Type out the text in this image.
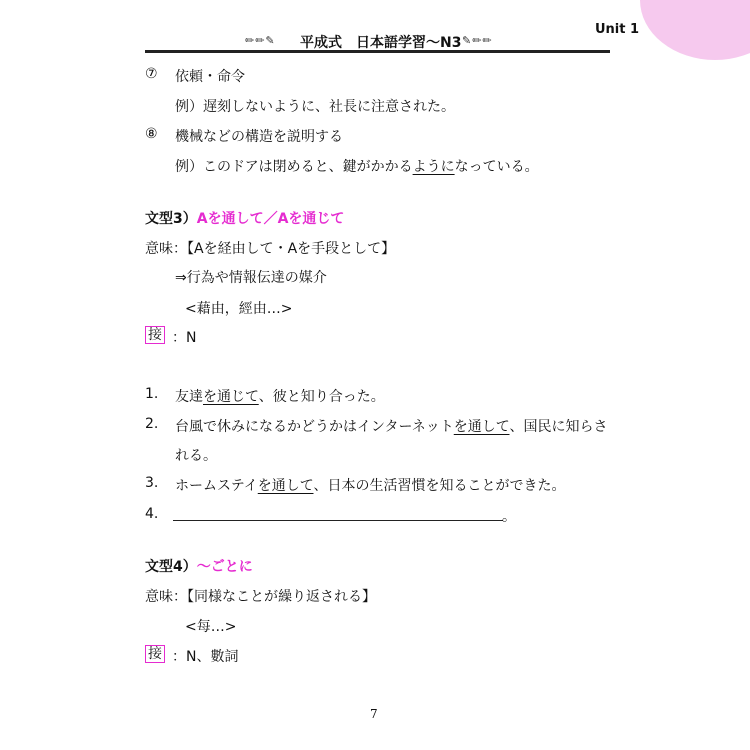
Unit 1
✏✏✎ 平成式　日本語学習〜N3 ✎✏✏
⑦ 依頼・命令
例）遅刻しないように、社長に注意された。
⑧ 機械などの構造を説明する
例）このドアは閉めると、鍵がかかるようになっている。
文型3）Aを通して／Aを通じて
意味：【Aを経由して・Aを手段として】
⇒行為や情報伝達の媒介
<藉由，經由…>
接 ：N
1. 友達を通じて、彼と知り合った。
2. 台風で休みになるかどうかはインターネットを通して、国民に知らさ
れる。
3. ホームステイを通して、日本の生活習慣を知ることができた。
4.	。
文型4）〜ごとに
意味：【同様なことが繰り返される】
<每…>
接 ：N、數詞
7
